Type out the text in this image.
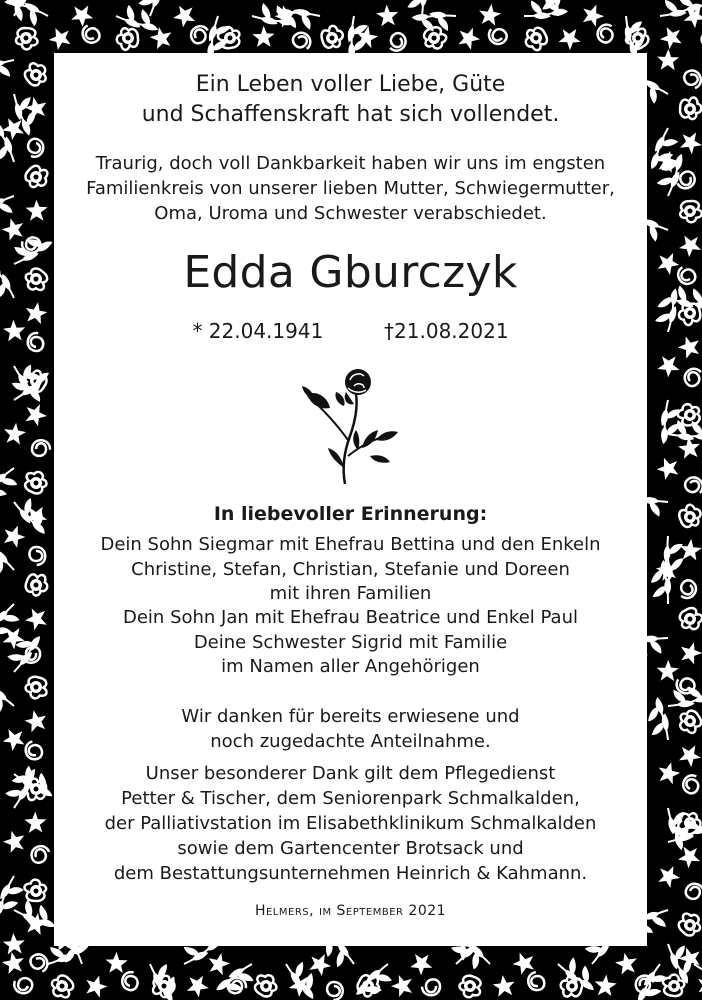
Ein Leben voller Liebe, Güte
und Schaffenskraft hat sich vollendet.
Traurig, doch voll Dankbarkeit haben wir uns im engsten
Familienkreis von unserer lieben Mutter, Schwiegermutter,
Oma, Uroma und Schwester verabschiedet.
Edda Gburczyk
* 22.04.1941	†21.08.2021
In liebevoller Erinnerung:
Dein Sohn Siegmar mit Ehefrau Bettina und den Enkeln
Christine, Stefan, Christian, Stefanie und Doreen
mit ihren Familien
Dein Sohn Jan mit Ehefrau Beatrice und Enkel Paul
Deine Schwester Sigrid mit Familie
im Namen aller Angehörigen
Wir danken für bereits erwiesene und
noch zugedachte Anteilnahme.
Unser besonderer Dank gilt dem Pflegedienst
Petter & Tischer, dem Seniorenpark Schmalkalden,
der Palliativstation im Elisabethklinikum Schmalkalden
sowie dem Gartencenter Brotsack und
dem Bestattungsunternehmen Heinrich & Kahmann.
Helmers, im September 2021
